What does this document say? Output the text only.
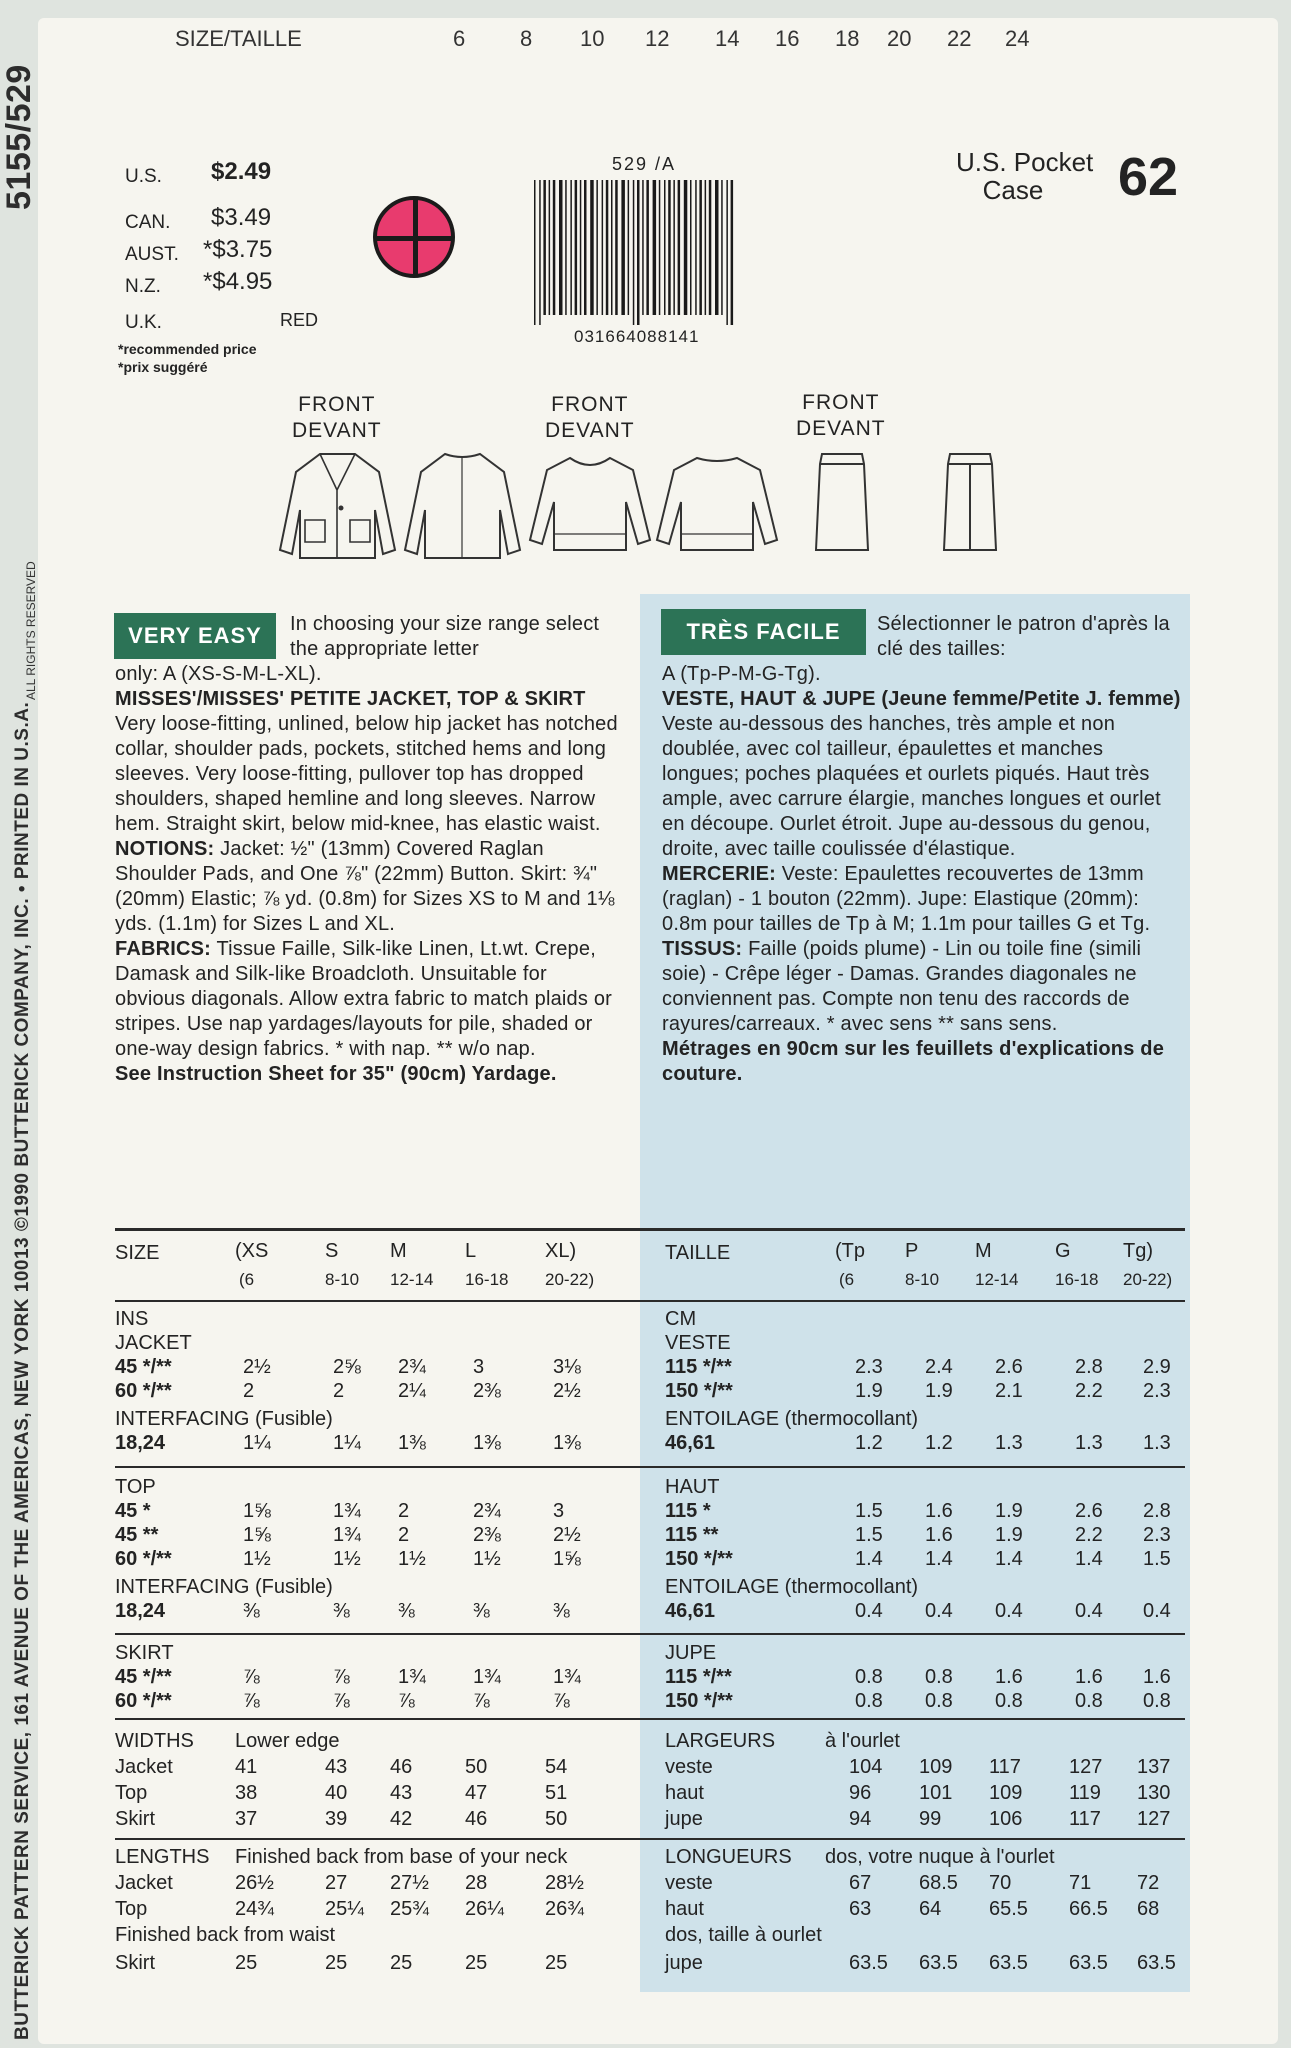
BUTTERICK PATTERN SERVICE, 161 AVENUE OF THE AMERICAS, NEW YORK 10013 ©1990 BUTTERICK COMPANY, INC. • PRINTED IN U.S.A.
5155/529
ALL RIGHTS RESERVED
SIZE/TAILLE	6 8 10 12 14 16 18 20 22 24
U.S. $2.49
CAN. $3.49
AUST. *$3.75
N.Z. *$4.95
U.K.	RED
*recommended price
*prix suggéré
529 /A
031664088141
U.S. Pocket
Case	62
FRONT
DEVANT
FRONT
DEVANT
FRONT
DEVANT
VERY EASY	TRÈS FACILE
In choosing your size range select the appropriate letter
only: A (XS-S-M-L-XL).
MISSES'/MISSES' PETITE JACKET, TOP & SKIRT Very loose-fitting, unlined, below hip jacket has notched collar, shoulder pads, pockets, stitched hems and long sleeves. Very loose-fitting, pullover top has dropped shoulders, shaped hemline and long sleeves. Narrow hem. Straight skirt, below mid-knee, has elastic waist.
NOTIONS: Jacket: ½" (13mm) Covered Raglan Shoulder Pads, and One ⅞" (22mm) Button. Skirt: ¾" (20mm) Elastic; ⅞ yd. (0.8m) for Sizes XS to M and 1⅛ yds. (1.1m) for Sizes L and XL.
FABRICS: Tissue Faille, Silk-like Linen, Lt.wt. Crepe, Damask and Silk-like Broadcloth. Unsuitable for obvious diagonals. Allow extra fabric to match plaids or stripes. Use nap yardages/layouts for pile, shaded or one-way design fabrics. * with nap. ** w/o nap.
See Instruction Sheet for 35" (90cm) Yardage.
Sélectionner le patron d'après la clé des tailles:
A (Tp-P-M-G-Tg).
VESTE, HAUT & JUPE (Jeune femme/Petite J. femme) Veste au-dessous des hanches, très ample et non doublée, avec col tailleur, épaulettes et manches longues; poches plaquées et ourlets piqués. Haut très ample, avec carrure élargie, manches longues et ourlet en découpe. Ourlet étroit. Jupe au-dessous du genou, droite, avec taille coulissée d'élastique.
MERCERIE: Veste: Epaulettes recouvertes de 13mm (raglan) - 1 bouton (22mm). Jupe: Elastique (20mm): 0.8m pour tailles de Tp à M; 1.1m pour tailles G et Tg.
TISSUS: Faille (poids plume) - Lin ou toile fine (simili soie) - Crêpe léger - Damas. Grandes diagonales ne conviennent pas. Compte non tenu des raccords de rayures/carreaux. * avec sens ** sans sens.
Métrages en 90cm sur les feuillets d'explications de couture.
SIZE	(XS	S	M	L	XL)
(6	8-10 12-14 16-18 20-22)
INS
JACKET
45 */**	2½	2⅝ 2¾ 3	3⅛
60 */**	2	2	2¼ 2⅜	2½
INTERFACING (Fusible)
18,24	1¼	1¼ 1⅜ 1⅜	1⅜
TOP
45 *	1⅝	1¾ 2	2¾	3
45 **	1⅝	1¾ 2	2⅜	2½
60 */**	1½	1½ 1½ 1½	1⅝
INTERFACING (Fusible)
18,24	⅜	⅜ ⅜	⅜	⅜
SKIRT
45 */**	⅞	⅞ 1¾ 1¾	1¾
60 */**	⅞	⅞ ⅞	⅞	⅞
WIDTHS Lower edge
Jacket	41	43 46	50	54
Top	38	40 43	47	51
Skirt	37	39 42	46	50
LENGTHS Finished back from base of your neck
Jacket	26½	27 27½ 28	28½
Top	24¾	25¼ 25¾ 26¼ 26¾
Finished back from waist
Skirt	25	25 25	25	25
TAILLE	(Tp P	M	G	Tg)
(6	8-10 12-14 16-18 20-22)
CM
VESTE
115 */**	2.3 2.4 2.6	2.8 2.9
150 */**	1.9 1.9 2.1	2.2 2.3
ENTOILAGE (thermocollant)
46,61	1.2 1.2 1.3	1.3 1.3
HAUT
115 *	1.5 1.6 1.9	2.6 2.8
115 **	1.5 1.6 1.9	2.2 2.3
150 */**	1.4 1.4 1.4	1.4 1.5
ENTOILAGE (thermocollant)
46,61	0.4 0.4 0.4	0.4 0.4
JUPE
115 */**	0.8 0.8 1.6	1.6 1.6
150 */**	0.8 0.8 0.8	0.8 0.8
LARGEURS à l'ourlet
veste	104 109 117 127 137
haut	96 101 109 119 130
jupe	94 99 106 117 127
LONGUEURS dos, votre nuque à l'ourlet
veste	67 68.5 70	71 72
haut	63 64 65.5 66.5 68
dos, taille à ourlet
jupe	63.5 63.5 63.5 63.5 63.5
